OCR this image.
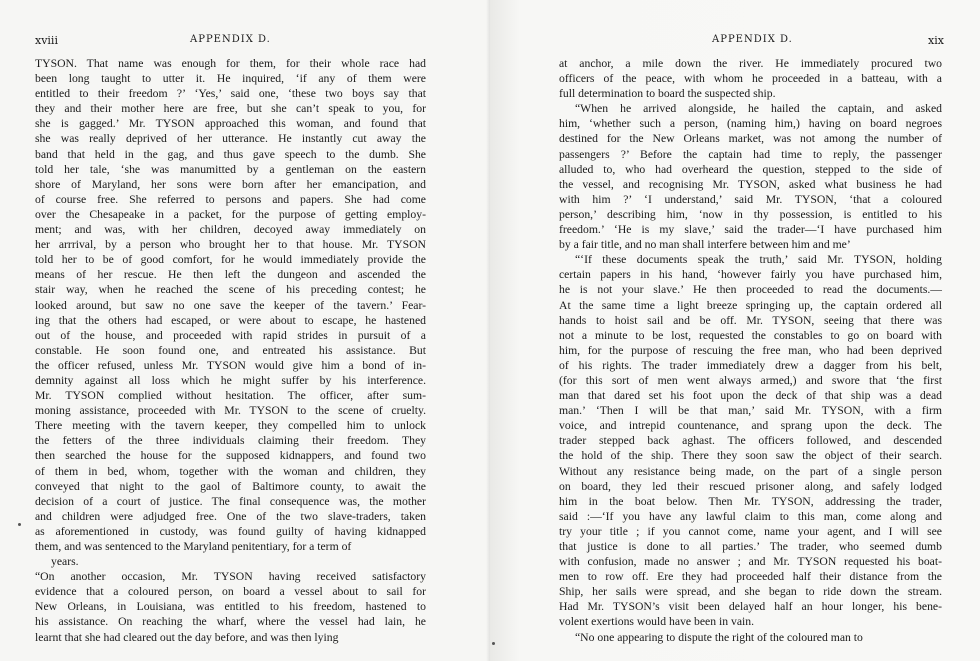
xviii	APPENDIX D.
TYSON. That name was enough for them, for their whole race had
been long taught to utter it. He inquired, ‘if any of them were
entitled to their freedom ?’ ‘Yes,’ said one, ‘these two boys say that
they and their mother here are free, but she can’t speak to you, for
she is gagged.’ Mr. TYSON approached this woman, and found that
she was really deprived of her utterance. He instantly cut away the
band that held in the gag, and thus gave speech to the dumb. She
told her tale, ‘she was manumitted by a gentleman on the eastern
shore of Maryland, her sons were born after her emancipation, and
of course free. She referred to persons and papers. She had come
over the Chesapeake in a packet, for the purpose of getting employ-
ment; and was, with her children, decoyed away immediately on
her arrrival, by a person who brought her to that house. Mr. TYSON
told her to be of good comfort, for he would immediately provide the
means of her rescue. He then left the dungeon and ascended the
stair way, when he reached the scene of his preceding contest; he
looked around, but saw no one save the keeper of the tavern.’ Fear-
ing that the others had escaped, or were about to escape, he hastened
out of the house, and proceeded with rapid strides in pursuit of a
constable. He soon found one, and entreated his assistance. But
the officer refused, unless Mr. TYSON would give him a bond of in-
demnity against all loss which he might suffer by his interference.
Mr. TYSON complied without hesitation. The officer, after sum-
moning assistance, proceeded with Mr. TYSON to the scene of cruelty.
There meeting with the tavern keeper, they compelled him to unlock
the fetters of the three individuals claiming their freedom. They
then searched the house for the supposed kidnappers, and found two
of them in bed, whom, together with the woman and children, they
conveyed that night to the gaol of Baltimore county, to await the
decision of a court of justice. The final consequence was, the mother
and children were adjudged free. One of the two slave-traders, taken
as aforementioned in custody, was found guilty of having kidnapped
them, and was sentenced to the Maryland penitentiary, for a term of
years.
“On another occasion, Mr. TYSON having received satisfactory
evidence that a coloured person, on board a vessel about to sail for
New Orleans, in Louisiana, was entitled to his freedom, hastened to
his assistance. On reaching the wharf, where the vessel had lain, he
learnt that she had cleared out the day before, and was then lying
APPENDIX D.	xix
at anchor, a mile down the river. He immediately procured two
officers of the peace, with whom he proceeded in a batteau, with a
full determination to board the suspected ship.
“When he arrived alongside, he hailed the captain, and asked
him, ‘whether such a person, (naming him,) having on board negroes
destined for the New Orleans market, was not among the number of
passengers ?’ Before the captain had time to reply, the passenger
alluded to, who had overheard the question, stepped to the side of
the vessel, and recognising Mr. TYSON, asked what business he had
with him ?’ ‘I understand,’ said Mr. TYSON, ‘that a coloured
person,’ describing him, ‘now in thy possession, is entitled to his
freedom.’ ‘He is my slave,’ said the trader—‘I have purchased him
by a fair title, and no man shall interfere between him and me’
“‘If these documents speak the truth,’ said Mr. TYSON, holding
certain papers in his hand, ‘however fairly you have purchased him,
he is not your slave.’ He then proceeded to read the documents.—
At the same time a light breeze springing up, the captain ordered all
hands to hoist sail and be off. Mr. TYSON, seeing that there was
not a minute to be lost, requested the constables to go on board with
him, for the purpose of rescuing the free man, who had been deprived
of his rights. The trader immediately drew a dagger from his belt,
(for this sort of men went always armed,) and swore that ‘the first
man that dared set his foot upon the deck of that ship was a dead
man.’ ‘Then I will be that man,’ said Mr. TYSON, with a firm
voice, and intrepid countenance, and sprang upon the deck. The
trader stepped back aghast. The officers followed, and descended
the hold of the ship. There they soon saw the object of their search.
Without any resistance being made, on the part of a single person
on board, they led their rescued prisoner along, and safely lodged
him in the boat below. Then Mr. TYSON, addressing the trader,
said :—‘If you have any lawful claim to this man, come along and
try your title ; if you cannot come, name your agent, and I will see
that justice is done to all parties.’ The trader, who seemed dumb
with confusion, made no answer ; and Mr. TYSON requested his boat-
men to row off. Ere they had proceeded half their distance from the
Ship, her sails were spread, and she began to ride down the stream.
Had Mr. TYSON’s visit been delayed half an hour longer, his bene-
volent exertions would have been in vain.
“No one appearing to dispute the right of the coloured man to
